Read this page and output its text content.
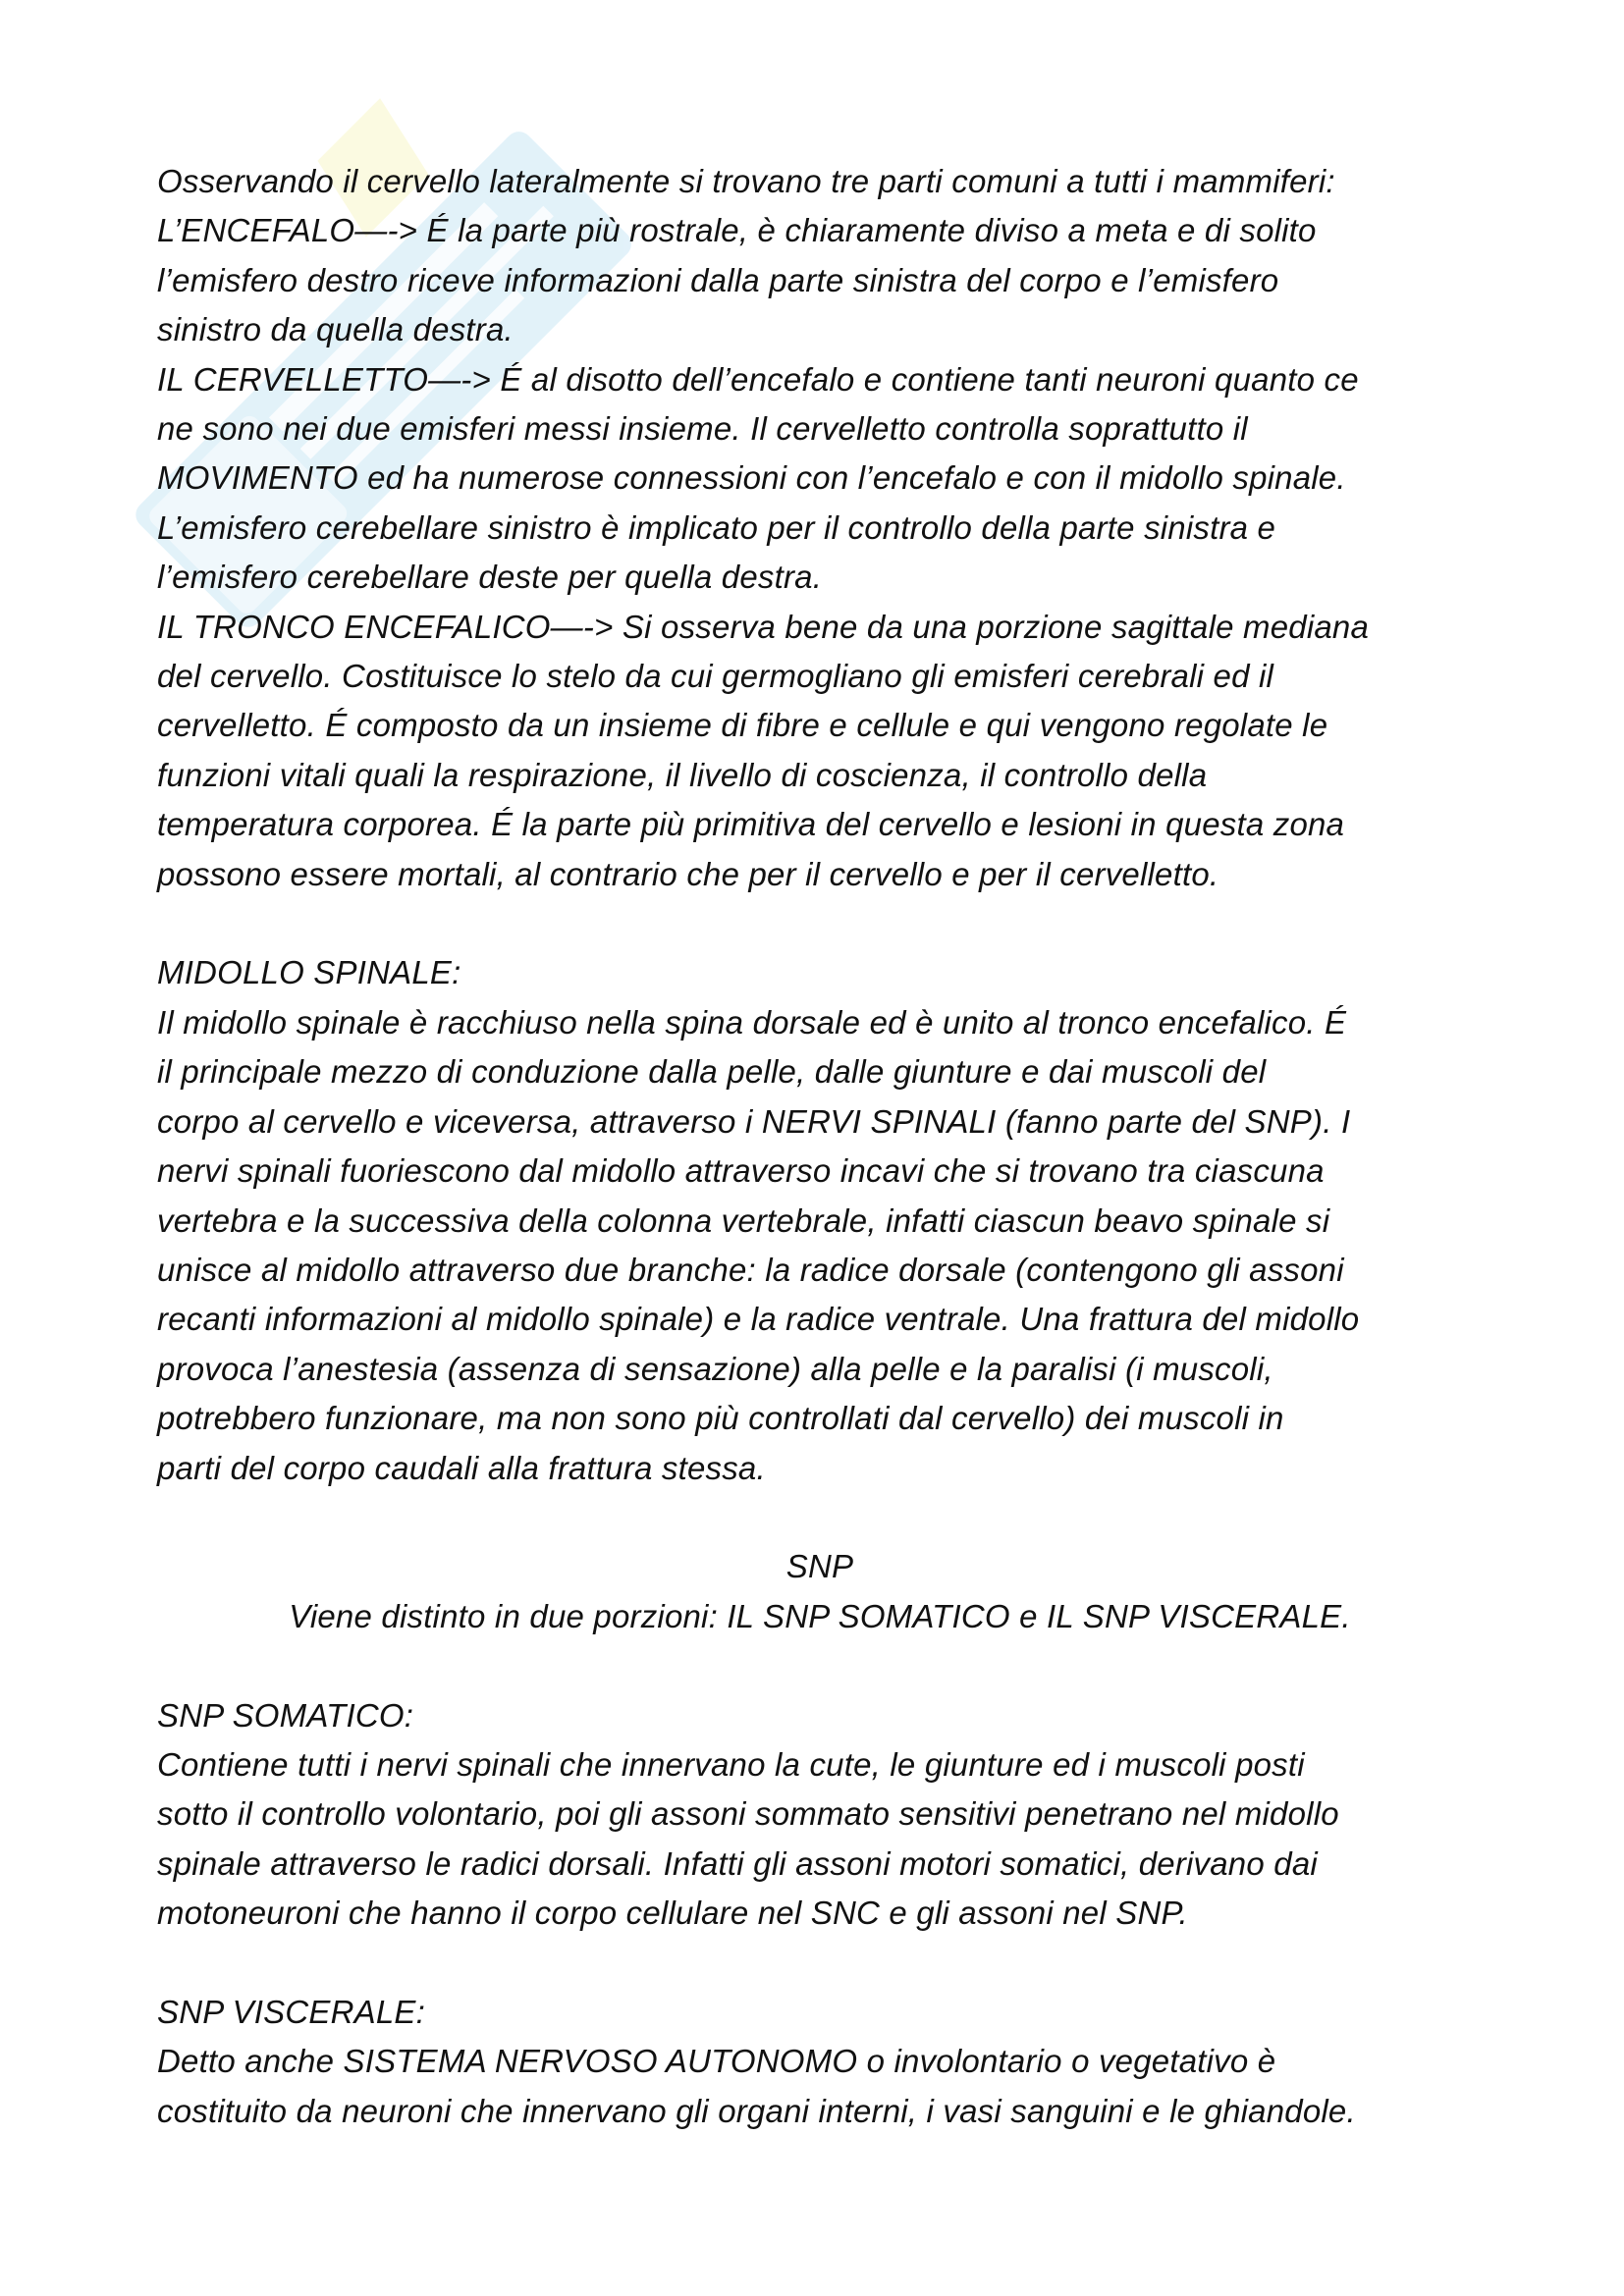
Osservando il cervello lateralmente si trovano tre parti comuni a tutti i mammiferi:

L’ENCEFALO—-> É la parte più rostrale, è chiaramente diviso a meta e di solito

l’emisfero destro riceve informazioni dalla parte sinistra del corpo e l’emisfero

sinistro da quella destra.

IL CERVELLETTO—-> É al disotto dell’encefalo e contiene tanti neuroni quanto ce

ne sono nei due emisferi messi insieme. Il cervelletto controlla soprattutto il

MOVIMENTO ed ha numerose connessioni con l’encefalo e con il midollo spinale.

L’emisfero cerebellare sinistro è implicato per il controllo della parte sinistra e

l’emisfero cerebellare deste per quella destra.

IL TRONCO ENCEFALICO—-> Si osserva bene da una porzione sagittale mediana

del cervello. Costituisce lo stelo da cui germogliano gli emisferi cerebrali ed il

cervelletto. É composto da un insieme di fibre e cellule e qui vengono regolate le

funzioni vitali quali la respirazione, il livello di coscienza, il controllo della

temperatura corporea. É la parte più primitiva del cervello e lesioni in questa zona

possono essere mortali, al contrario che per il cervello e per il cervelletto.

MIDOLLO SPINALE:

Il midollo spinale è racchiuso nella spina dorsale ed è unito al tronco encefalico. É

il principale mezzo di conduzione dalla pelle, dalle giunture e dai muscoli del

corpo al cervello e viceversa, attraverso i NERVI SPINALI (fanno parte del SNP). I

nervi spinali fuoriescono dal midollo attraverso incavi che si trovano tra ciascuna

vertebra e la successiva della colonna vertebrale, infatti ciascun beavo spinale si

unisce al midollo attraverso due branche: la radice dorsale (contengono gli assoni

recanti informazioni al midollo spinale) e la radice ventrale. Una frattura del midollo

provoca l’anestesia (assenza di sensazione) alla pelle e la paralisi (i muscoli,

potrebbero funzionare, ma non sono più controllati dal cervello) dei muscoli in

parti del corpo caudali alla frattura stessa.

SNP

Viene distinto in due porzioni: IL SNP SOMATICO e IL SNP VISCERALE.

SNP SOMATICO:

Contiene tutti i nervi spinali che innervano la cute, le giunture ed i muscoli posti

sotto il controllo volontario, poi gli assoni sommato sensitivi penetrano nel midollo

spinale attraverso le radici dorsali. Infatti gli assoni motori somatici, derivano dai

motoneuroni che hanno il corpo cellulare nel SNC e gli assoni nel SNP.

SNP VISCERALE:

Detto anche SISTEMA NERVOSO AUTONOMO o involontario o vegetativo è

costituito da neuroni che innervano gli organi interni, i vasi sanguini e le ghiandole.
